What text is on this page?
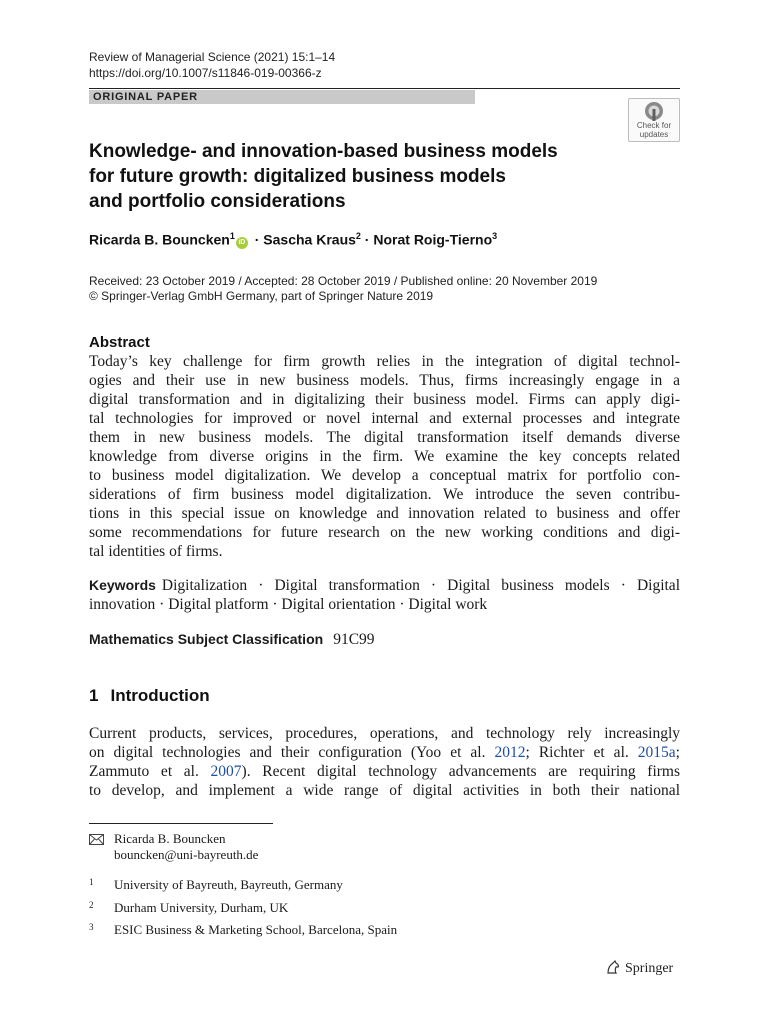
Review of Managerial Science (2021) 15:1–14
https://doi.org/10.1007/s11846-019-00366-z
ORIGINAL PAPER
Check for
updates
Knowledge- and innovation-based business models
for future growth: digitalized business models
and portfolio considerations
Ricarda B. Bouncken$^1$iD · Sascha Kraus$^2$ · Norat Roig-Tierno$^3$
Received: 23 October 2019 / Accepted: 28 October 2019 / Published online: 20 November 2019
© Springer-Verlag GmbH Germany, part of Springer Nature 2019
Abstract
Today’s key challenge for firm growth relies in the integration of digital technol-
ogies and their use in new business models. Thus, firms increasingly engage in a
digital transformation and in digitalizing their business model. Firms can apply digi-
tal technologies for improved or novel internal and external processes and integrate
them in new business models. The digital transformation itself demands diverse
knowledge from diverse origins in the firm. We examine the key concepts related
to business model digitalization. We develop a conceptual matrix for portfolio con-
siderations of firm business model digitalization. We introduce the seven contribu-
tions in this special issue on knowledge and innovation related to business and offer
some recommendations for future research on the new working conditions and digi-
tal identities of firms.
Keywords Digitalization · Digital transformation · Digital business models · Digital
innovation · Digital platform · Digital orientation · Digital work
Mathematics Subject Classification 91C99
1 Introduction
Current products, services, procedures, operations, and technology rely increasingly
on digital technologies and their configuration (Yoo et al. 2012; Richter et al. 2015a;
Zammuto et al. 2007). Recent digital technology advancements are requiring firms
to develop, and implement a wide range of digital activities in both their national
Ricarda B. Bouncken
bouncken@uni-bayreuth.de
$^1$ University of Bayreuth, Bayreuth, Germany
$^2$ Durham University, Durham, UK
$^3$ ESIC Business & Marketing School, Barcelona, Spain
Springer
